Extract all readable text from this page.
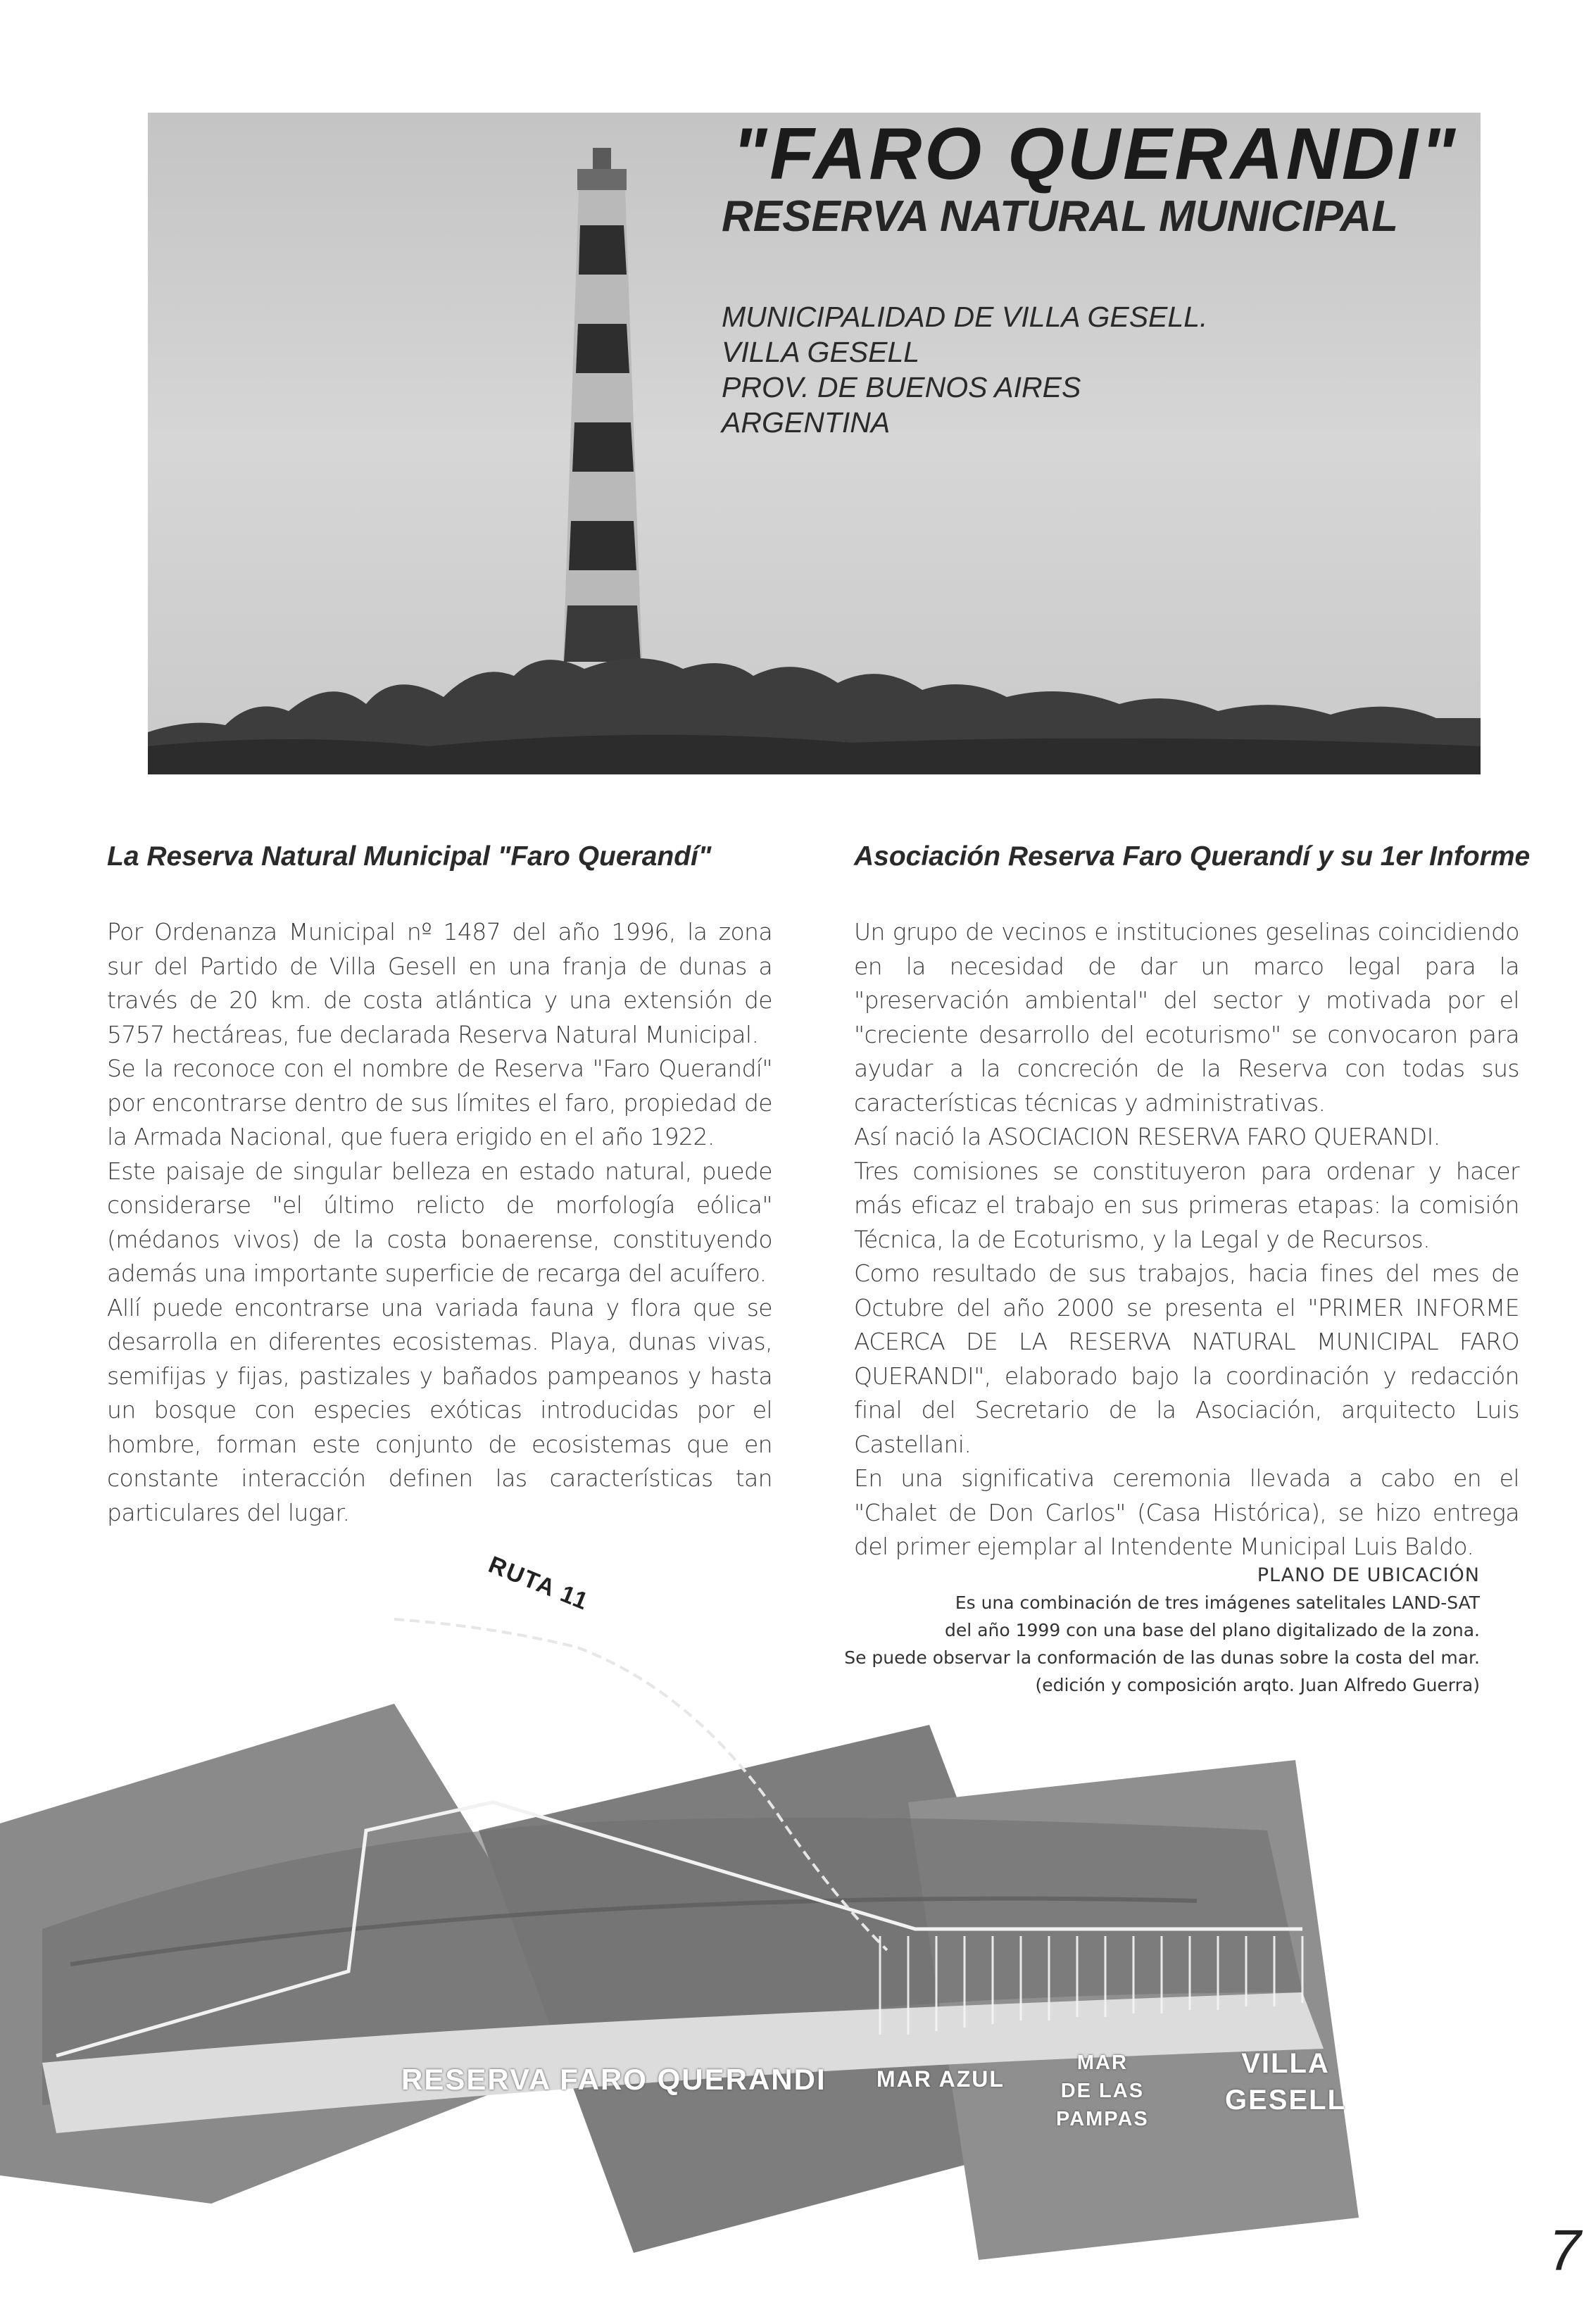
"FARO QUERANDI"
RESERVA NATURAL MUNICIPAL
MUNICIPALIDAD DE VILLA GESELL.
VILLA GESELL
PROV. DE BUENOS AIRES
ARGENTINA
La Reserva Natural Municipal "Faro Querandí"

Por Ordenanza Municipal nº 1487 del año 1996, la zona sur del Partido de Villa Gesell en una franja de dunas a través de 20 km. de costa atlántica y una extensión de 5757 hectáreas, fue declarada Reserva Natural Municipal.

Se la reconoce con el nombre de Reserva "Faro Querandí" por encontrarse dentro de sus límites el faro, propiedad de la Armada Nacional, que fuera erigido en el año 1922.

Este paisaje de singular belleza en estado natural, puede considerarse "el último relicto de morfología eólica" (médanos vivos) de la costa bonaerense, constituyendo además una importante superficie de recarga del acuífero.

Allí puede encontrarse una variada fauna y flora que se desarrolla en diferentes ecosistemas. Playa, dunas vivas, semifijas y fijas, pastizales y bañados pampeanos y hasta un bosque con especies exóticas introducidas por el hombre, forman este conjunto de ecosistemas que en constante interacción definen las características tan particulares del lugar.

Asociación Reserva Faro Querandí y su 1er Informe

Un grupo de vecinos e instituciones geselinas coincidiendo en la necesidad de dar un marco legal para la "preservación ambiental" del sector y motivada por el "creciente desarrollo del ecoturismo" se convocaron para ayudar a la concreción de la Reserva con todas sus características técnicas y administrativas.

Así nació la ASOCIACION RESERVA FARO QUERANDI.

Tres comisiones se constituyeron para ordenar y hacer más eficaz el trabajo en sus primeras etapas: la comisión Técnica, la de Ecoturismo, y la Legal y de Recursos.

Como resultado de sus trabajos, hacia fines del mes de Octubre del año 2000 se presenta el "PRIMER INFORME ACERCA DE LA RESERVA NATURAL MUNICIPAL FARO QUERANDI", elaborado bajo la coordinación y redacción final del Secretario de la Asociación, arquitecto Luis Castellani.

En una significativa ceremonia llevada a cabo en el "Chalet de Don Carlos" (Casa Histórica), se hizo entrega del primer ejemplar al Intendente Municipal Luis Baldo.

RUTA 11
RESERVA FARO QUERANDI MAR AZUL
MAR
DE LAS
PAMPAS
VILLA
GESELL
PLANO DE UBICACIÓN
Es una combinación de tres imágenes satelitales LAND-SAT
del año 1999 con una base del plano digitalizado de la zona.
Se puede observar la conformación de las dunas sobre la costa del mar.
(edición y composición arqto. Juan Alfredo Guerra)
7
